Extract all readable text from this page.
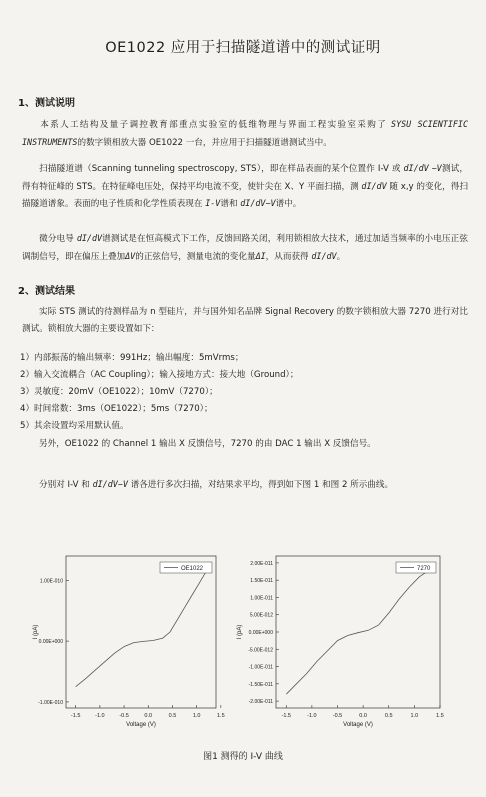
OE1022 应用于扫描隧道谱中的测试证明
1、测试说明
本系人工结构及量子调控教育部重点实验室的低维物理与界面工程实验室采购了 SYSU SCIENTIFIC INSTRUMENTS的数字锁相放大器 OE1022 一台，并应用于扫描隧道谱测试当中。
扫描隧道谱（Scanning tunneling spectroscopy, STS），即在样品表面的某个位置作 I-V 或 dI/dV −V测试，得有特征峰的 STS。在特征峰电压处，保持平均电流不变，使针尖在 X、Y 平面扫描，测 dI/dV 随 x,y 的变化，得扫描隧道谱象。表面的电子性质和化学性质表现在 I-V谱和 dI/dV−V谱中。
微分电导 dI/dV谱测试是在恒高模式下工作，反馈回路关闭，利用锁相放大技术，通过加适当频率的小电压正弦调制信号，即在偏压上叠加ΔV的正弦信号，测量电流的变化量ΔI，从而获得 dI/dV。
2、测试结果
实际 STS 测试的待测样品为 n 型硅片，并与国外知名品牌 Signal Recovery 的数字锁相放大器 7270 进行对比测试。锁相放大器的主要设置如下：
1）内部振荡的输出频率：991Hz；输出幅度：5mVrms；
2）输入交流耦合（AC Coupling）；输入接地方式：接大地（Ground）；
3）灵敏度：20mV（OE1022）；10mV（7270）；
4）时间常数：3ms（OE1022）；5ms（7270）；
5）其余设置均采用默认值。
另外，OE1022 的 Channel 1 输出 X 反馈信号，7270 的由 DAC 1 输出 X 反馈信号。
分别对 I-V 和 dI/dV−V 谱各进行多次扫描，对结果求平均，得到如下图 1 和图 2 所示曲线。
-1.5	-1.0	-0.5	0.0	0.5	1.0	1.5
-1.00E-010
0.00E+000
1.00E-010
Voltage (V)
I (pA)
OE1022
-1.5	-1.0	-0.5	0.0	0.5	1.0	1.5
-2.00E-011
-1.50E-011
-1.00E-011
-5.00E-012
0.00E+000
5.00E-012
1.00E-011
1.50E-011
2.00E-011
Voltage (V)
I (pA)
7270
图1 测得的 I-V 曲线
